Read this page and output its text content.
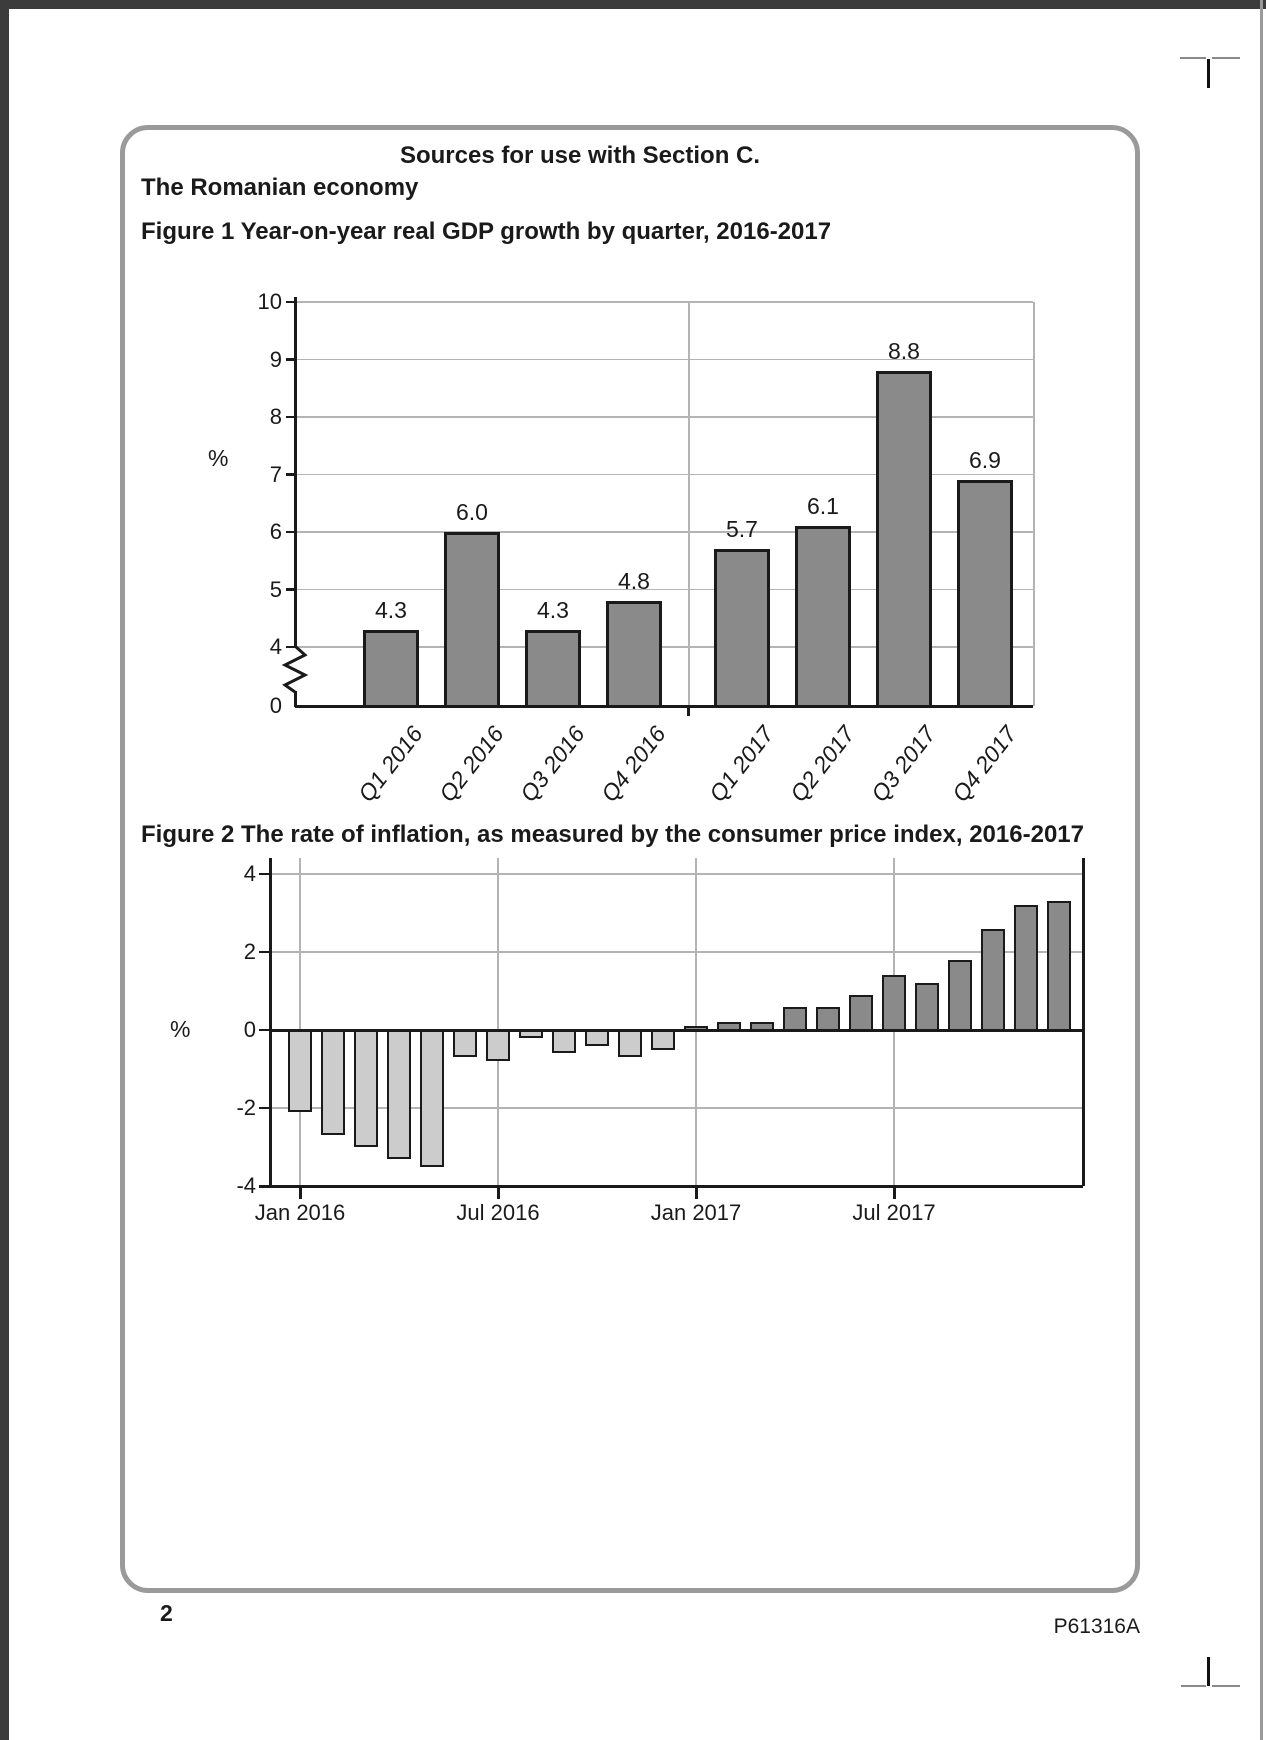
Sources for use with Section C.
The Romanian economy
Figure 1 Year-on-year real GDP growth by quarter, 2016-2017
Figure 2 The rate of inflation, as measured by the consumer price index, 2016-2017
10
9
8
7
6
5
4
0
4.3
Q1 2016
6.0
Q2 2016
4.3
Q3 2016
4.8
Q4 2016
5.7
Q1 2017
6.1
Q2 2017
8.8
Q3 2017
6.9
Q4 2017
%
4
2
0
-2
-4
Jan 2016	Jul 2016	Jan 2017	Jul 2017
%
2
P61316A
